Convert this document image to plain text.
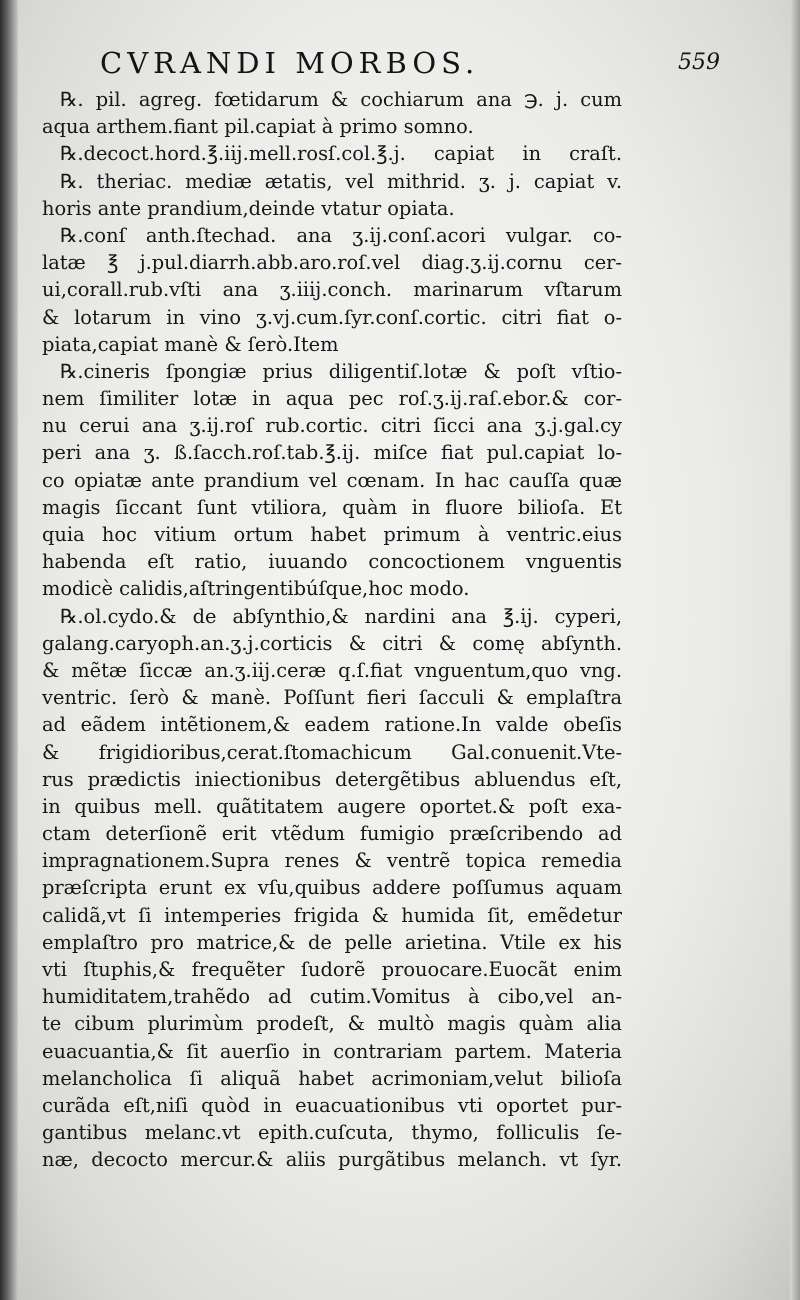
CVRANDI MORBOS.	559
℞. pil. agreg. fœtidarum & cochiarum ana ℈. j. cum
aqua arthem.fiant pil.capiat à primo somno.
℞.decoct.hord.℥.iij.mell.rosſ.col.℥.j. capiat in craſt.
℞. theriac. mediæ ætatis, vel mithrid. ʒ. j. capiat v.
horis ante prandium,deinde vtatur opiata.
℞.conſ anth.ſtechad. ana ʒ.ij.conſ.acori vulgar. co-
latæ ℥ j.pul.diarrh.abb.aro.roſ.vel diag.ʒ.ij.cornu cer-
ui,corall.rub.vſti ana ʒ.iiij.conch. marinarum vſtarum
& lotarum in vino ʒ.vj.cum.ſyr.conſ.cortic. citri fiat o-
piata,capiat manè & ſerò.Item
℞.cineris ſpongiæ prius diligentiſ.lotæ & poſt vſtio-
nem ſimiliter lotæ in aqua pec roſ.ʒ.ij.raſ.ebor.& cor-
nu cerui ana ʒ.ij.roſ rub.cortic. citri ſicci ana ʒ.j.gal.cy
peri ana ʒ. ß.ſacch.roſ.tab.℥.ij. miſce fiat pul.capiat lo-
co opiatæ ante prandium vel cœnam. In hac cauſſa quæ
magis ſiccant ſunt vtiliora, quàm in fluore bilioſa. Et
quia hoc vitium ortum habet primum à ventric.eius
habenda eſt ratio, iuuando concoctionem vnguentis
modicè calidis,aſtringentibúſque,hoc modo.
℞.ol.cydo.& de abſynthio,& nardini ana ℥.ij. cyperi,
galang.caryoph.an.ʒ.j.corticis & citri & comę abſynth.
& mẽtæ ſiccæ an.ʒ.iij.ceræ q.ſ.fiat vnguentum,quo vng.
ventric. ſerò & manè. Poſſunt fieri ſacculi & emplaſtra
ad eãdem intẽtionem,& eadem ratione.In valde obeſis
& frigidioribus,cerat.ſtomachicum Gal.conuenit.Vte-
rus prædictis iniectionibus detergẽtibus abluendus eſt,
in quibus mell. quãtitatem augere oportet.& poſt exa-
ctam deterſionẽ erit vtẽdum fumigio præſcribendo ad
impragnationem.Supra renes & ventrẽ topica remedia
præſcripta erunt ex vſu,quibus addere poſſumus aquam
calidã,vt ſi intemperies frigida & humida ſit, emẽdetur
emplaſtro pro matrice,& de pelle arietina. Vtile ex his
vti ſtuphis,& frequẽter ſudorẽ prouocare.Euocãt enim
humiditatem,trahẽdo ad cutim.Vomitus à cibo,vel an-
te cibum plurimùm prodeſt, & multò magis quàm alia
euacuantia,& ſit auerſio in contrariam partem. Materia
melancholica ſi aliquã habet acrimoniam,velut bilioſa
curãda eſt,niſi quòd in euacuationibus vti oportet pur-
gantibus melanc.vt epith.cuſcuta, thymo, folliculis ſe-
næ, decocto mercur.& aliis purgãtibus melanch. vt ſyr.
